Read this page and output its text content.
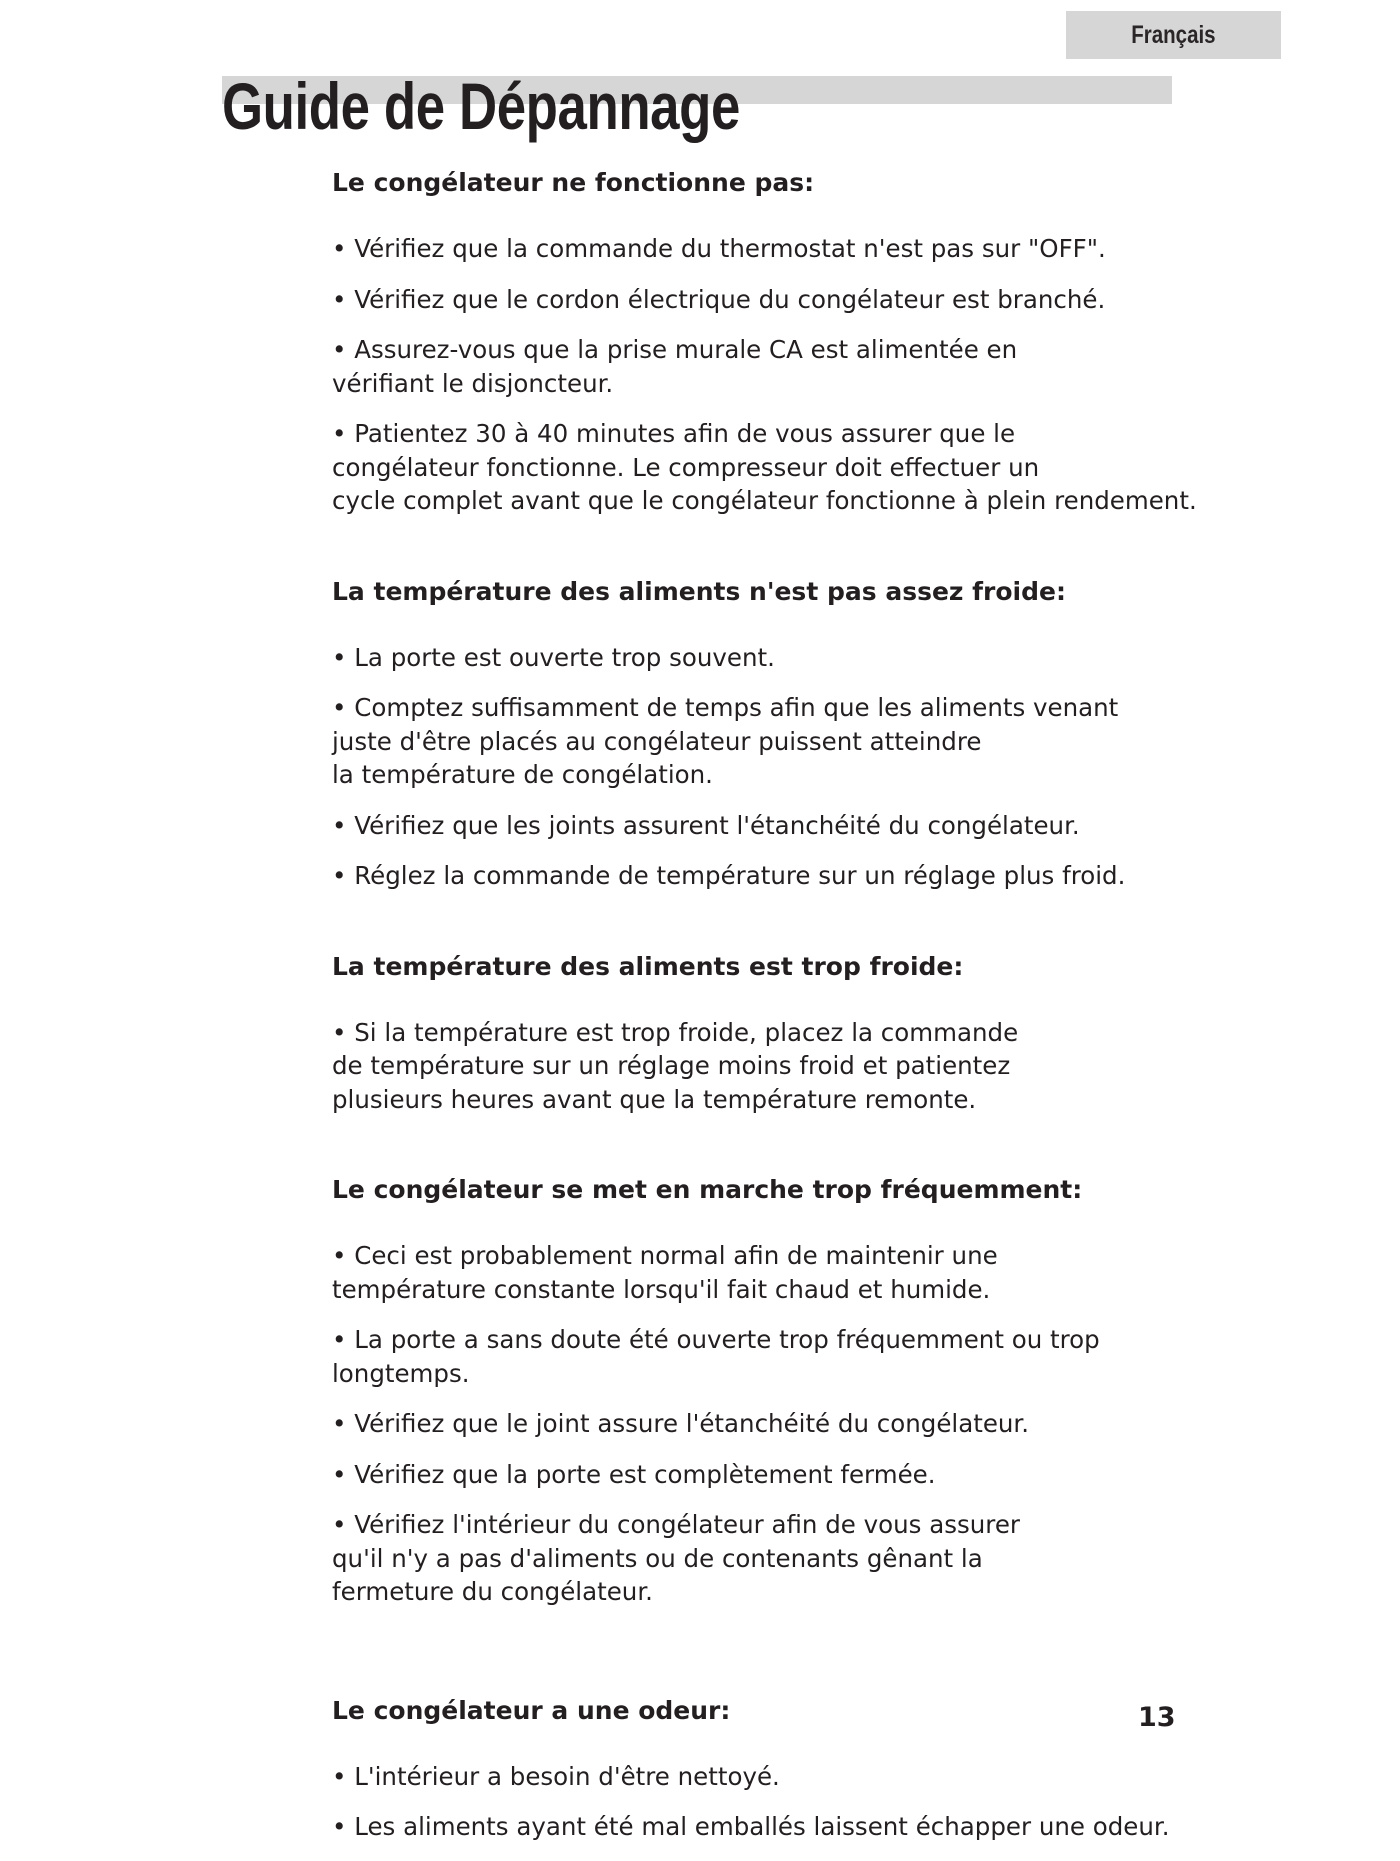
Français
Guide de Dépannage
Le congélateur ne fonctionne pas:
• Vérifiez que la commande du thermostat n'est pas sur "OFF".
• Vérifiez que le cordon électrique du congélateur est branché.
• Assurez-vous que la prise murale CA est alimentée en
vérifiant le disjoncteur.
• Patientez 30 à 40 minutes afin de vous assurer que le
congélateur fonctionne. Le compresseur doit effectuer un
cycle complet avant que le congélateur fonctionne à plein rendement.
La température des aliments n'est pas assez froide:
• La porte est ouverte trop souvent.
• Comptez suffisamment de temps afin que les aliments venant
juste d'être placés au congélateur puissent atteindre
la température de congélation.
• Vérifiez que les joints assurent l'étanchéité du congélateur.
• Réglez la commande de température sur un réglage plus froid.
La température des aliments est trop froide:
• Si la température est trop froide, placez la commande
de température sur un réglage moins froid et patientez
plusieurs heures avant que la température remonte.
Le congélateur se met en marche trop fréquemment:
• Ceci est probablement normal afin de maintenir une
température constante lorsqu'il fait chaud et humide.
• La porte a sans doute été ouverte trop fréquemment ou trop
longtemps.
• Vérifiez que le joint assure l'étanchéité du congélateur.
• Vérifiez que la porte est complètement fermée.
• Vérifiez l'intérieur du congélateur afin de vous assurer
qu'il n'y a pas d'aliments ou de contenants gênant la
fermeture du congélateur.
Le congélateur a une odeur:
• L'intérieur a besoin d'être nettoyé.
• Les aliments ayant été mal emballés laissent échapper une odeur.
13
